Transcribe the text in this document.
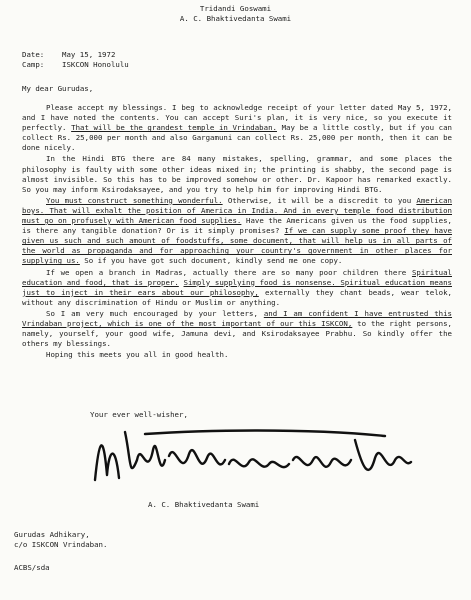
Tridandi Goswami
A. C. Bhaktivedanta Swami
Date: May 15, 1972
Camp: ISKCON Honolulu
My dear Gurudas,

Please accept my blessings. I beg to acknowledge receipt of your letter dated May 5, 1972, and I have noted the contents. You can accept Suri's plan, it is very nice, so you execute it perfectly. That will be the grandest temple in Vrindaban. May be a little costly, but if you can collect Rs. 25,000 per month and also Gargamuni can collect Rs. 25,000 per month, then it can be done nicely.

In the Hindi BTG there are 84 many mistakes, spelling, grammar, and some places the philosophy is faulty with some other ideas mixed in; the printing is shabby, the second page is almost invisible. So this has to be improved somehow or other. Dr. Kapoor has remarked exactly. So you may inform Ksirodaksayee, and you try to help him for improving Hindi BTG.

You must construct something wonderful. Otherwise, it will be a discredit to you American boys. That will exhalt the position of America in India. And in every temple food distribution must go on profusely with American food supplies. Have the Americans given us the food supplies, is there any tangible donation? Or is it simply promises? If we can supply some proof they have given us such and such amount of foodstuffs, some document, that will help us in all parts of the world as propaganda and for approaching your country's government in other places for supplying us. So if you have got such document, kindly send me one copy.

If we open a branch in Madras, actually there are so many poor children there Spiritual education and food, that is proper. Simply supplying food is nonsense. Spiritual education means just to inject in their ears about our philosophy, externally they chant beads, wear telok, without any discrimination of Hindu or Muslim or anything.

So I am very much encouraged by your letters, and I am confident I have entrusted this Vrindaban project, which is one of the most important of our this ISKCON, to the right persons, namely, yourself, your good wife, Jamuna devi, and Ksirodaksayee Prabhu. So kindly offer the others my blessings.

Hoping this meets you all in good health.

Your ever well-wisher,
A. C. Bhaktivedanta Swami
Gurudas Adhikary,
c/o ISKCON Vrindaban.
ACBS/sda
